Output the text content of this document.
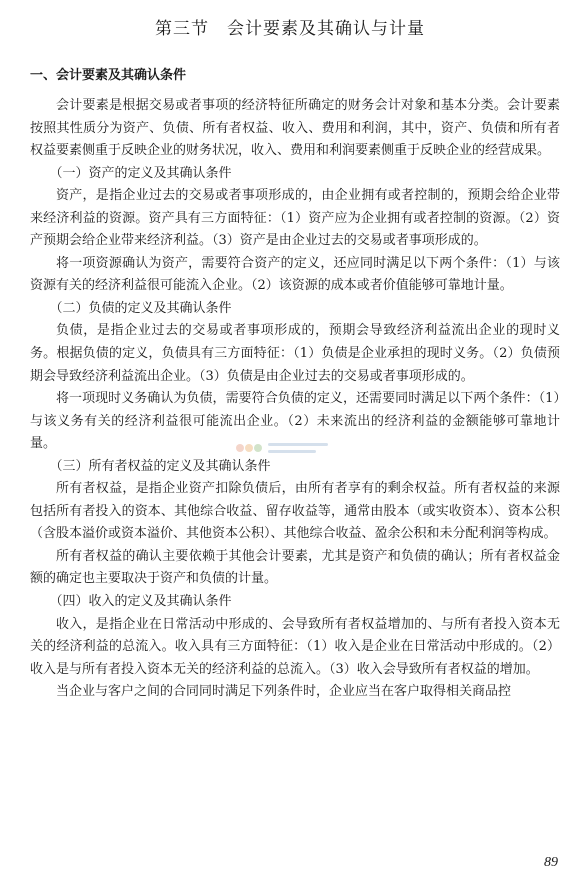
第三节　会计要素及其确认与计量
一、会计要素及其确认条件

会计要素是根据交易或者事项的经济特征所确定的财务会计对象和基本分类。会计要素按照其性质分为资产、负债、所有者权益、收入、费用和利润，其中，资产、负债和所有者权益要素侧重于反映企业的财务状况，收入、费用和利润要素侧重于反映企业的经营成果。

（一）资产的定义及其确认条件

资产，是指企业过去的交易或者事项形成的，由企业拥有或者控制的，预期会给企业带来经济利益的资源。资产具有三方面特征：（1）资产应为企业拥有或者控制的资源。（2）资产预期会给企业带来经济利益。（3）资产是由企业过去的交易或者事项形成的。

将一项资源确认为资产，需要符合资产的定义，还应同时满足以下两个条件：（1）与该资源有关的经济利益很可能流入企业。（2）该资源的成本或者价值能够可靠地计量。

（二）负债的定义及其确认条件

负债，是指企业过去的交易或者事项形成的，预期会导致经济利益流出企业的现时义务。根据负债的定义，负债具有三方面特征：（1）负债是企业承担的现时义务。（2）负债预期会导致经济利益流出企业。（3）负债是由企业过去的交易或者事项形成的。

将一项现时义务确认为负债，需要符合负债的定义，还需要同时满足以下两个条件：（1）与该义务有关的经济利益很可能流出企业。（2）未来流出的经济利益的金额能够可靠地计量。

（三）所有者权益的定义及其确认条件

所有者权益，是指企业资产扣除负债后，由所有者享有的剩余权益。所有者权益的来源包括所有者投入的资本、其他综合收益、留存收益等，通常由股本（或实收资本）、资本公积（含股本溢价或资本溢价、其他资本公积）、其他综合收益、盈余公积和未分配利润等构成。

所有者权益的确认主要依赖于其他会计要素，尤其是资产和负债的确认；所有者权益金额的确定也主要取决于资产和负债的计量。

（四）收入的定义及其确认条件

收入，是指企业在日常活动中形成的、会导致所有者权益增加的、与所有者投入资本无关的经济利益的总流入。收入具有三方面特征：（1）收入是企业在日常活动中形成的。（2）收入是与所有者投入资本无关的经济利益的总流入。（3）收入会导致所有者权益的增加。

当企业与客户之间的合同同时满足下列条件时，企业应当在客户取得相关商品控

89
